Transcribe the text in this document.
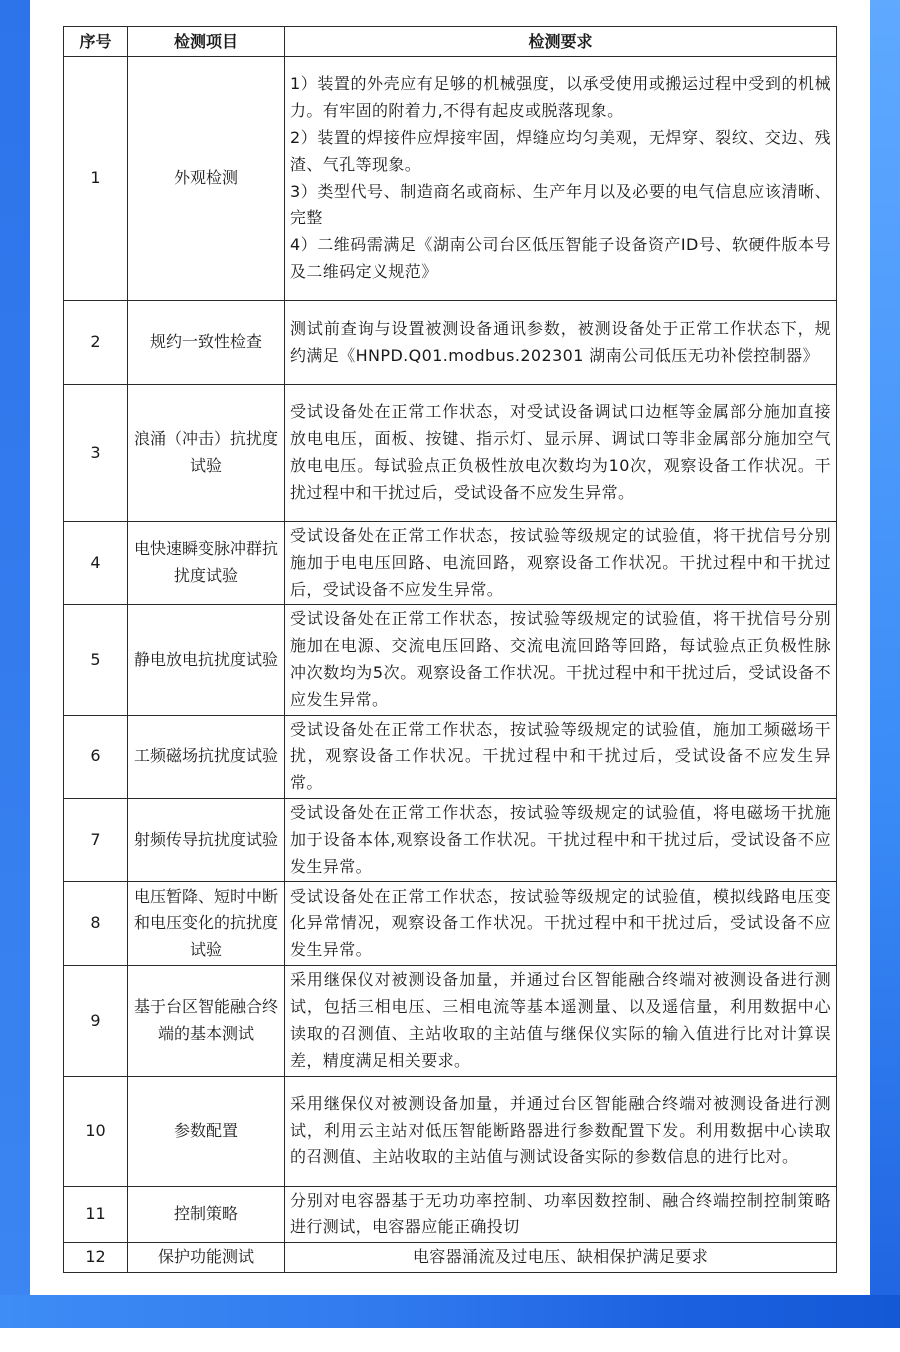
序号	检测项目	检测要求
1	外观检测	1）装置的外壳应有足够的机械强度，以承受使用或搬运过程中受到的机械力。有牢固的附着力,不得有起皮或脱落现象。
2）装置的焊接件应焊接牢固，焊缝应均匀美观，无焊穿、裂纹、交边、残渣、气孔等现象。
3）类型代号、制造商名或商标、生产年月以及必要的电气信息应该清晰、完整
4）二维码需满足《湖南公司台区低压智能子设备资产ID号、软硬件版本号及二维码定义规范》

2	规约一致性检查	测试前查询与设置被测设备通讯参数，被测设备处于正常工作状态下，规约满足《HNPD.Q01.modbus.202301 湖南公司低压无功补偿控制器》

3	浪涌（冲击）抗扰度试验	受试设备处在正常工作状态，对受试设备调试口边框等金属部分施加直接放电电压，面板、按键、指示灯、显示屏、调试口等非金属部分施加空气放电电压。每试验点正负极性放电次数均为10次，观察设备工作状况。干扰过程中和干扰过后，受试设备不应发生异常。

4	电快速瞬变脉冲群抗扰度试验	受试设备处在正常工作状态，按试验等级规定的试验值，将干扰信号分别施加于电电压回路、电流回路，观察设备工作状况。干扰过程中和干扰过后，受试设备不应发生异常。

5	静电放电抗扰度试验	受试设备处在正常工作状态，按试验等级规定的试验值，将干扰信号分别施加在电源、交流电压回路、交流电流回路等回路，每试验点正负极性脉冲次数均为5次。观察设备工作状况。干扰过程中和干扰过后，受试设备不应发生异常。

6	工频磁场抗扰度试验	受试设备处在正常工作状态，按试验等级规定的试验值，施加工频磁场干扰，观察设备工作状况。干扰过程中和干扰过后，受试设备不应发生异常。

7	射频传导抗扰度试验	受试设备处在正常工作状态，按试验等级规定的试验值，将电磁场干扰施加于设备本体,观察设备工作状况。干扰过程中和干扰过后，受试设备不应发生异常。

8	电压暂降、短时中断和电压变化的抗扰度试验	受试设备处在正常工作状态，按试验等级规定的试验值，模拟线路电压变化异常情况，观察设备工作状况。干扰过程中和干扰过后，受试设备不应发生异常。

9	基于台区智能融合终端的基本测试	采用继保仪对被测设备加量，并通过台区智能融合终端对被测设备进行测试，包括三相电压、三相电流等基本遥测量、以及遥信量，利用数据中心读取的召测值、主站收取的主站值与继保仪实际的输入值进行比对计算误差，精度满足相关要求。

10	参数配置	采用继保仪对被测设备加量，并通过台区智能融合终端对被测设备进行测试，利用云主站对低压智能断路器进行参数配置下发。利用数据中心读取的召测值、主站收取的主站值与测试设备实际的参数信息的进行比对。

11	控制策略	分别对电容器基于无功功率控制、功率因数控制、融合终端控制控制策略进行测试，电容器应能正确投切

12	保护功能测试	电容器涌流及过电压、缺相保护满足要求
